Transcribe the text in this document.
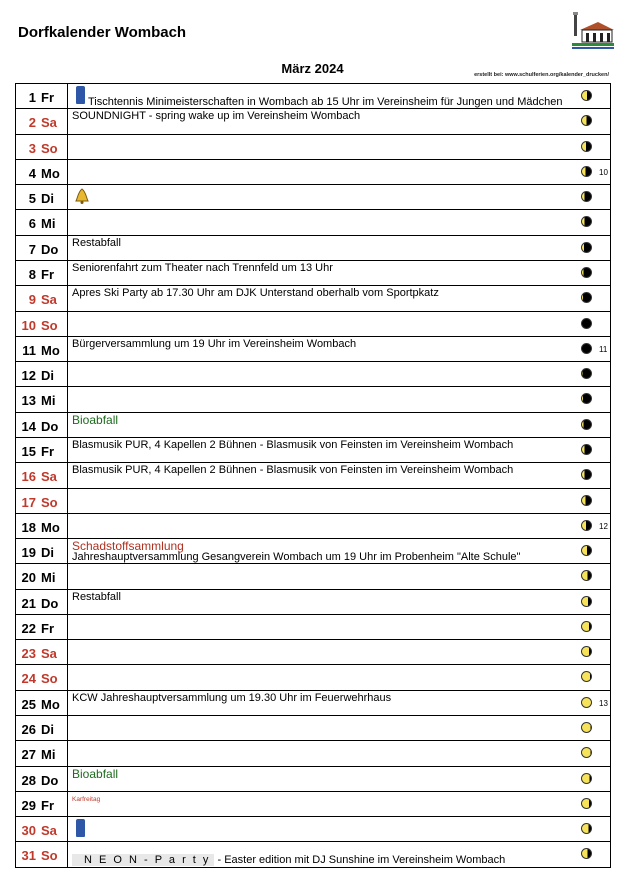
Dorfkalender Wombach
März 2024	erstellt bei: www.schulferien.org/kalender_drucken/
1 Fr	Tischtennis Minimeisterschaften in Wombach ab 15 Uhr im Vereinsheim für Jungen und Mädchen
2 Sa SOUNDNIGHT - spring wake up im Vereinsheim Wombach
3 So
4 Mo	10
5 Di
6 Mi
7 Do Restabfall
8 Fr Seniorenfahrt zum Theater nach Trennfeld um 13 Uhr
9 Sa Apres Ski Party ab 17.30 Uhr am DJK Unterstand oberhalb vom Sportpkatz
10 So
11 Mo Bürgerversammlung um 19 Uhr im Vereinsheim Wombach	11
12 Di
13 Mi
14 Do Bioabfall
15 Fr Blasmusik PUR, 4 Kapellen 2 Bühnen - Blasmusik von Feinsten im Vereinsheim Wombach
16 Sa Blasmusik PUR, 4 Kapellen 2 Bühnen - Blasmusik von Feinsten im Vereinsheim Wombach
17 So
18 Mo	12
19 Di Schadstoffsammlung
Jahreshauptversammlung Gesangverein Wombach um 19 Uhr im Probenheim "Alte Schule"
20 Mi
21 Do Restabfall
22 Fr
23 Sa
24 So
25 Mo KCW Jahreshauptversammlung um 19.30 Uhr im Feuerwehrhaus	13
26 Di
27 Mi
28 Do Bioabfall
29 Fr	Karfreitag
30 Sa
31 So	N E O N - P a r t y - Easter edition mit DJ Sunshine im Vereinsheim Wombach
